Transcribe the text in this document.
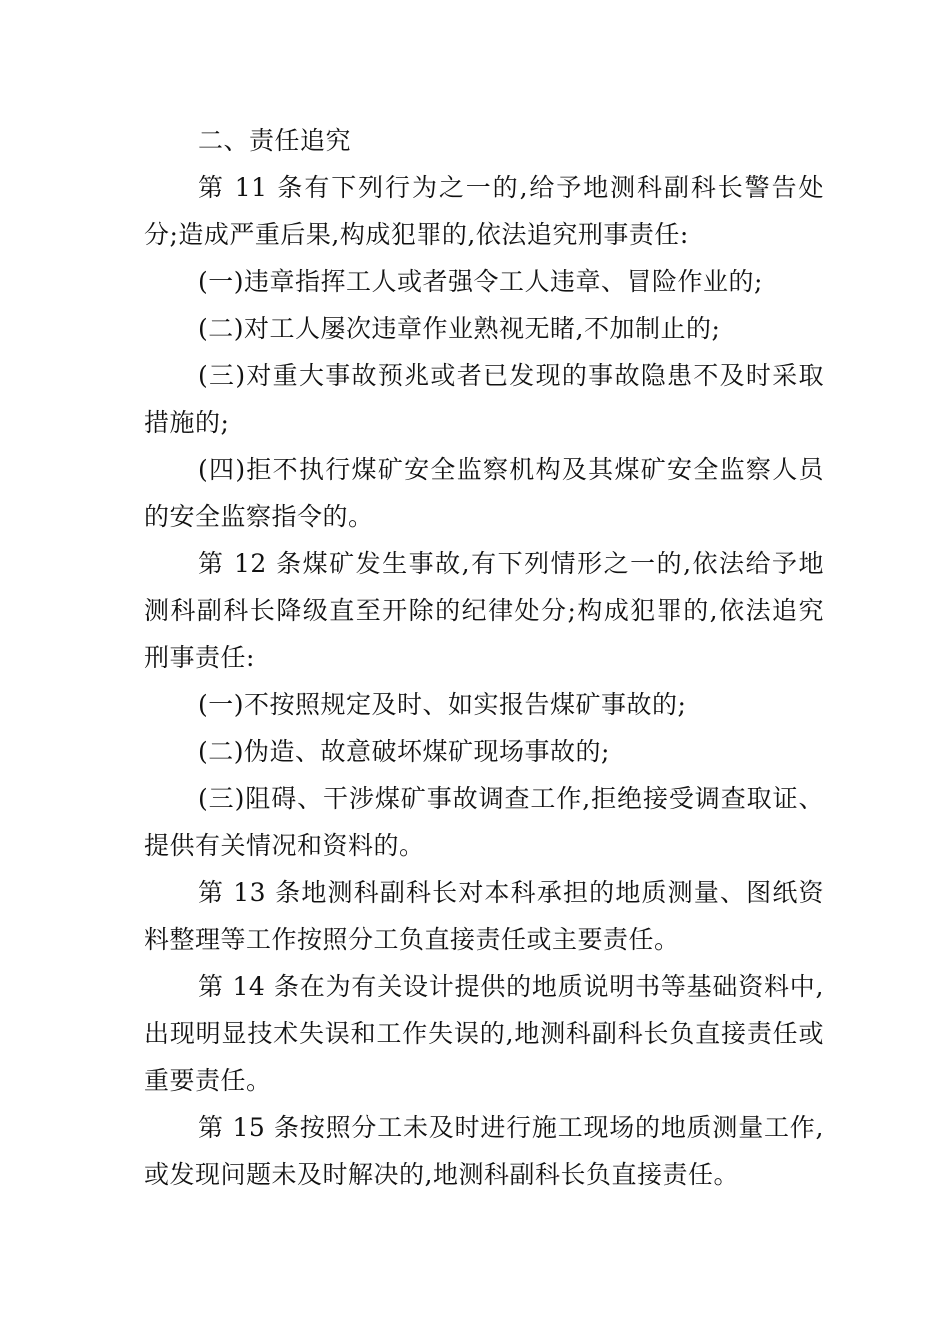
二、责任追究

第 11 条有下列行为之一的,给予地测科副科长警告处分;造成严重后果,构成犯罪的,依法追究刑事责任:

(一)违章指挥工人或者强令工人违章、冒险作业的;

(二)对工人屡次违章作业熟视无睹,不加制止的;

(三)对重大事故预兆或者已发现的事故隐患不及时采取措施的;

(四)拒不执行煤矿安全监察机构及其煤矿安全监察人员的安全监察指令的。

第 12 条煤矿发生事故,有下列情形之一的,依法给予地测科副科长降级直至开除的纪律处分;构成犯罪的,依法追究刑事责任:

(一)不按照规定及时、如实报告煤矿事故的;

(二)伪造、故意破坏煤矿现场事故的;

(三)阻碍、干涉煤矿事故调查工作,拒绝接受调查取证、提供有关情况和资料的。

第 13 条地测科副科长对本科承担的地质测量、图纸资料整理等工作按照分工负直接责任或主要责任。

第 14 条在为有关设计提供的地质说明书等基础资料中,出现明显技术失误和工作失误的,地测科副科长负直接责任或重要责任。

第 15 条按照分工未及时进行施工现场的地质测量工作,或发现问题未及时解决的,地测科副科长负直接责任。
